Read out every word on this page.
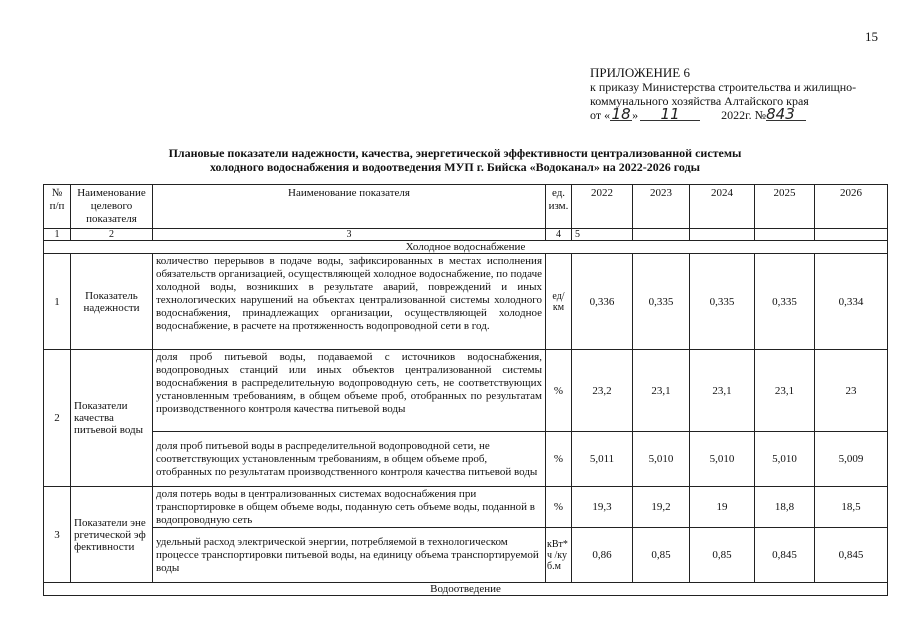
15
ПРИЛОЖЕНИЕ 6
к приказу Министерства строительства и жилищно-
коммунального хозяйства Алтайского края
от «18» 11	2022г. №843
Плановые показатели надежности, качества, энергетической эффективности централизованной системы
холодного водоснабжения и водоотведения МУП г. Бийска «Водоканал» на 2022-2026 годы
№ п/п	Наименование целевого показателя	Наименование показателя	ед. изм.	2022	2023	2024	2025	2026
1	2	3	4	5				
Холодное водоснабжение								
1	Показатель надежности	количество перерывов в подаче воды, зафиксированных в местах исполнения обязательств организацией, осуществляющей холодное водоснабжение, по подаче холодной воды, возникших в результате аварий, повреждений и иных технологических нарушений на объектах централизованной системы холодного водоснабжения, принадлежащих организации, осуществляющей холодное водоснабжение, в расчете на протяженность водопроводной сети в год.	ед/км	0,336	0,335	0,335	0,335	0,334
2	Показатели качества питьевой воды	доля проб питьевой воды, подаваемой с источников водоснабжения, водопроводных станций или иных объектов централизованной системы водоснабжения в распределительную водопроводную сеть, не соответствующих установленным требованиям, в общем объеме проб, отобранных по результатам производственного контроля качества питьевой воды	%	23,2	23,1	23,1	23,1	23
		доля проб питьевой воды в распределительной водопроводной сети, не соответствующих установленным требованиям, в общем объеме проб, отобранных по результатам производственного контроля качества питьевой воды	%	5,011	5,010	5,010	5,010	5,009
3	Показатели энергетической эффективности	доля потерь воды в централизованных системах водоснабжения при транспортировке в общем объеме воды, поданную сеть объеме воды, поданной в водопроводную сеть	%	19,3	19,2	19	18,8	18,5
		удельный расход электрической энергии, потребляемой в технологическом процессе транспортировки питьевой воды, на единицу объема транспортируемой воды	кВт*ч /куб.м	0,86	0,85	0,85	0,845	0,845
Водоотведение								
